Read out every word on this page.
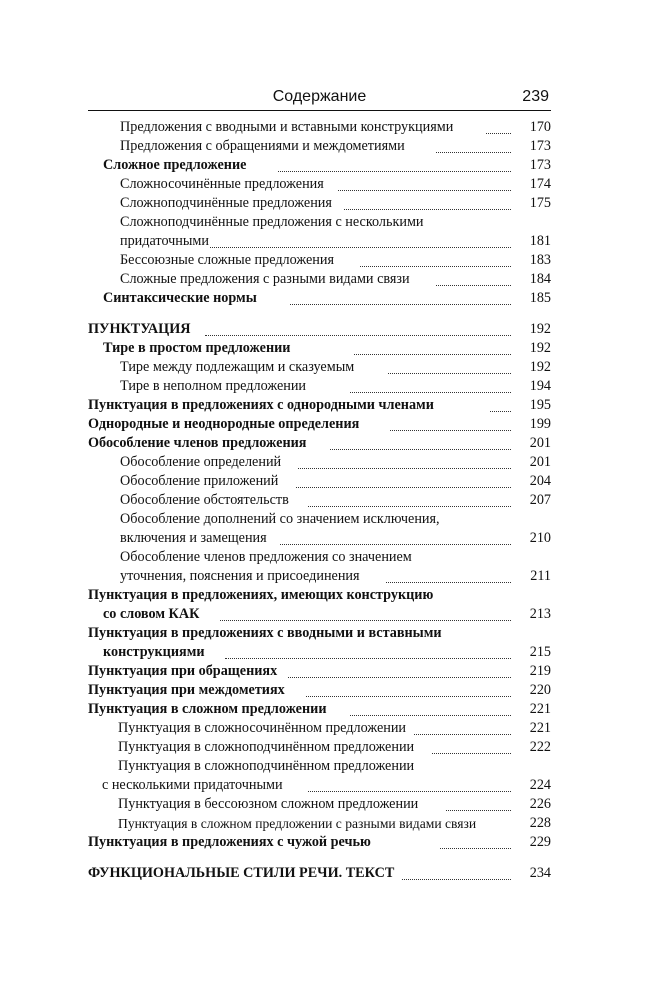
Содержание	239
Предложения с вводными и вставными конструкциями	170
Предложения с обращениями и междометиями	173
Сложное предложение	173
Сложносочинённые предложения	174
Сложноподчинённые предложения	175
Сложноподчинённые предложения с несколькими
придаточными	181
Бессоюзные сложные предложения	183
Сложные предложения с разными видами связи	184
Синтаксические нормы	185
ПУНКТУАЦИЯ	192
Тире в простом предложении	192
Тире между подлежащим и сказуемым	192
Тире в неполном предложении	194
Пунктуация в предложениях с однородными членами	195
Однородные и неоднородные определения	199
Обособление членов предложения	201
Обособление определений	201
Обособление приложений	204
Обособление обстоятельств	207
Обособление дополнений со значением исключения,
включения и замещения	210
Обособление членов предложения со значением
уточнения, пояснения и присоединения	211
Пунктуация в предложениях, имеющих конструкцию
со словом КАК	213
Пунктуация в предложениях с вводными и вставными
конструкциями	215
Пунктуация при обращениях	219
Пунктуация при междометиях	220
Пунктуация в сложном предложении	221
Пунктуация в сложносочинённом предложении	221
Пунктуация в сложноподчинённом предложении	222
Пунктуация в сложноподчинённом предложении
с несколькими придаточными	224
Пунктуация в бессоюзном сложном предложении	226
Пунктуация в сложном предложении с разными видами связи	228
Пунктуация в предложениях с чужой речью	229
ФУНКЦИОНАЛЬНЫЕ СТИЛИ РЕЧИ. ТЕКСТ	234
